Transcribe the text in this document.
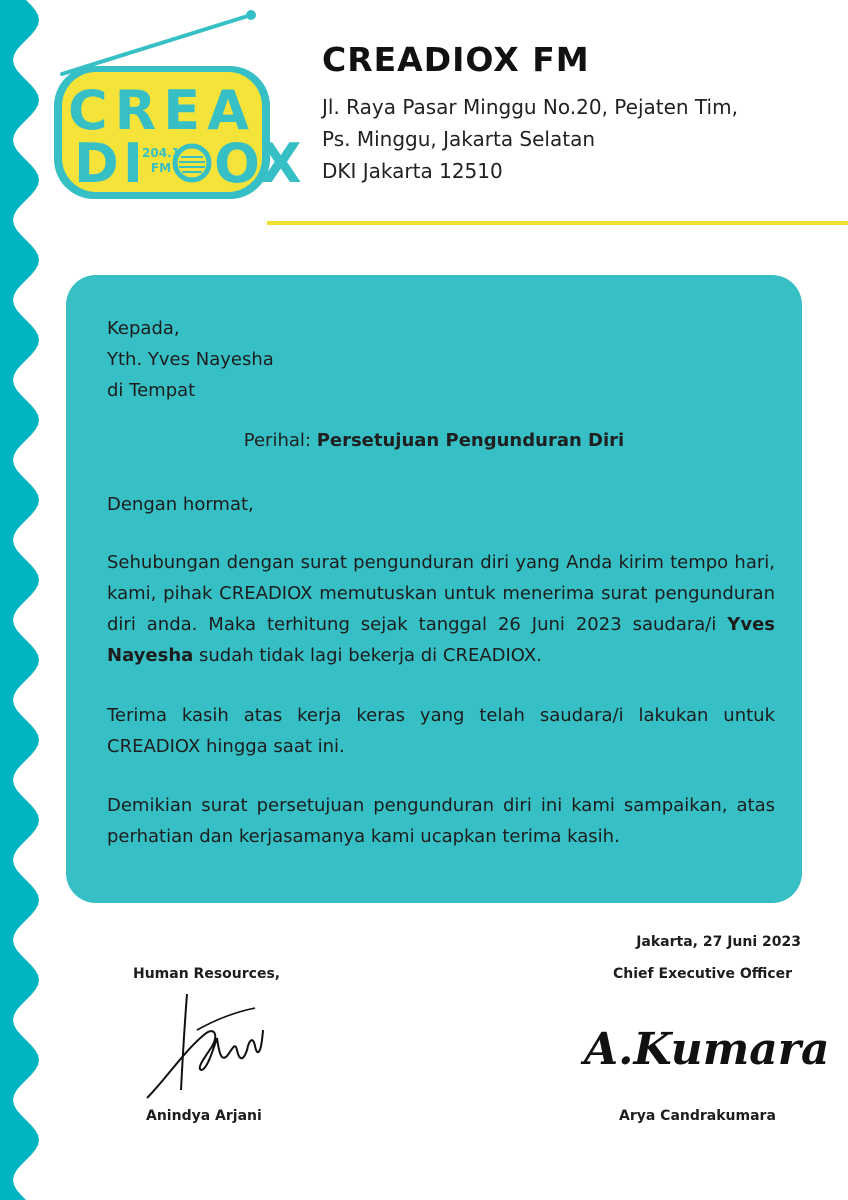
CREA
DI
204.1
FM OX
CREADIOX FM
Jl. Raya Pasar Minggu No.20, Pejaten Tim,
Ps. Minggu, Jakarta Selatan
DKI Jakarta 12510
Kepada,
Yth. Yves Nayesha
di Tempat
Perihal: Persetujuan Pengunduran Diri
Dengan hormat,
Sehubungan dengan surat pengunduran diri yang Anda kirim tempo hari, kami, pihak CREADIOX memutuskan untuk menerima surat pengunduran diri anda. Maka terhitung sejak tanggal 26 Juni 2023 saudara/i Yves Nayesha sudah tidak lagi bekerja di CREADIOX.
Terima kasih atas kerja keras yang telah saudara/i lakukan untuk CREADIOX hingga saat ini.
Demikian surat persetujuan pengunduran diri ini kami sampaikan, atas perhatian dan kerjasamanya kami ucapkan terima kasih.
Jakarta, 27 Juni 2023
Human Resources,	Chief Executive Officer
A.Kumara
Anindya Arjani	Arya Candrakumara
